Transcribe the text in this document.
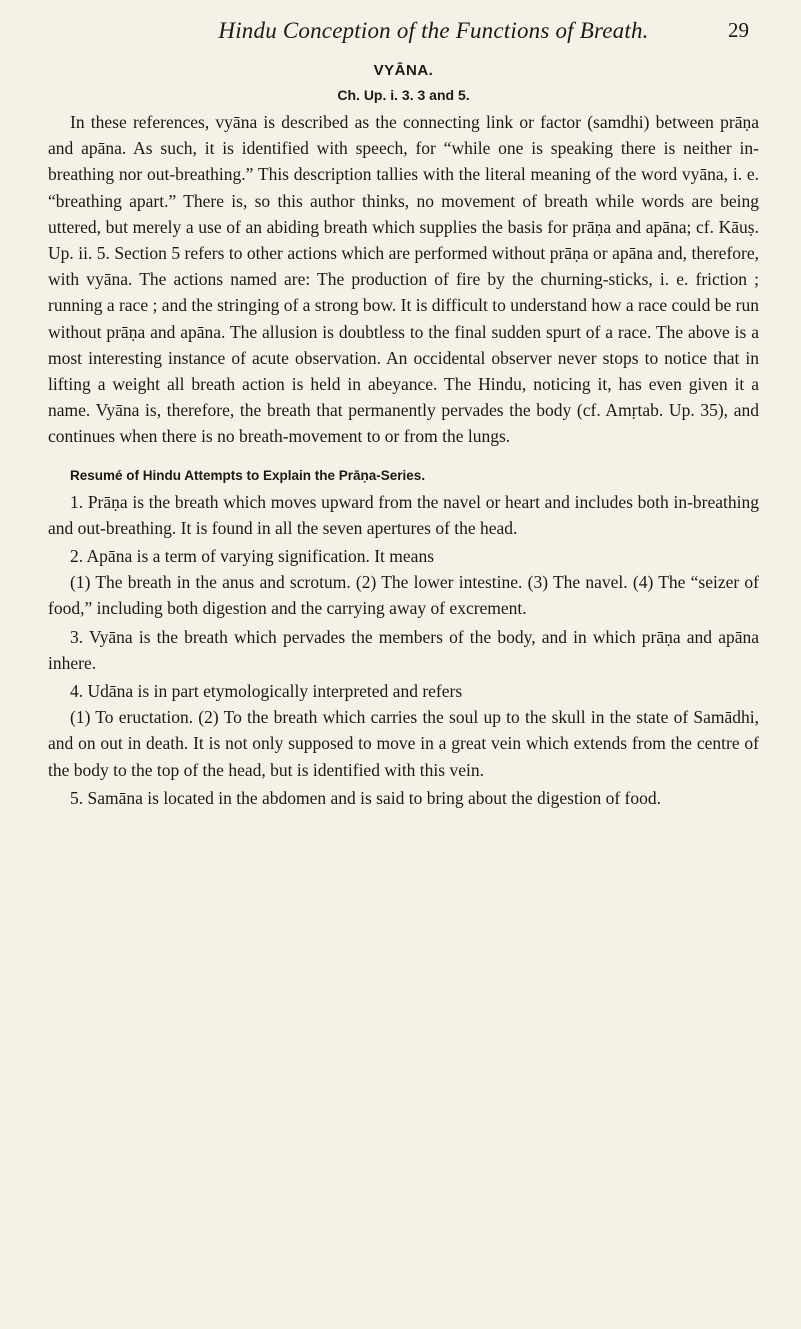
Hindu Conception of the Functions of Breath.	29
VYĀNA.
Ch. Up. i. 3. 3 and 5.

In these references, vyāna is described as the connecting link or factor (samdhi) between prāṇa and apāna. As such, it is identified with speech, for “while one is speaking there is neither in-breathing nor out-breathing.” This description tallies with the literal meaning of the word vyāna, i. e. “breathing apart.” There is, so this author thinks, no movement of breath while words are being uttered, but merely a use of an abiding breath which supplies the basis for prāṇa and apāna; cf. Kāuṣ. Up. ii. 5. Section 5 refers to other actions which are performed without prāṇa or apāna and, therefore, with vyāna. The actions named are: The production of fire by the churning-sticks, i. e. friction ; running a race ; and the stringing of a strong bow. It is difficult to understand how a race could be run without prāṇa and apāna. The allusion is doubtless to the final sudden spurt of a race. The above is a most interesting instance of acute observation. An occidental observer never stops to notice that in lifting a weight all breath action is held in abeyance. The Hindu, noticing it, has even given it a name. Vyāna is, therefore, the breath that permanently pervades the body (cf. Amṛtab. Up. 35), and continues when there is no breath-movement to or from the lungs.

Resumé of Hindu Attempts to Explain the Prāṇa-Series.

1. Prāṇa is the breath which moves upward from the navel or heart and includes both in-breathing and out-breathing. It is found in all the seven apertures of the head.

2. Apāna is a term of varying signification. It means

(1) The breath in the anus and scrotum. (2) The lower intestine. (3) The navel. (4) The “seizer of food,” including both digestion and the carrying away of excrement.

3. Vyāna is the breath which pervades the members of the body, and in which prāṇa and apāna inhere.

4. Udāna is in part etymologically interpreted and refers

(1) To eructation. (2) To the breath which carries the soul up to the skull in the state of Samādhi, and on out in death. It is not only supposed to move in a great vein which extends from the centre of the body to the top of the head, but is identified with this vein.

5. Samāna is located in the abdomen and is said to bring about the digestion of food.
